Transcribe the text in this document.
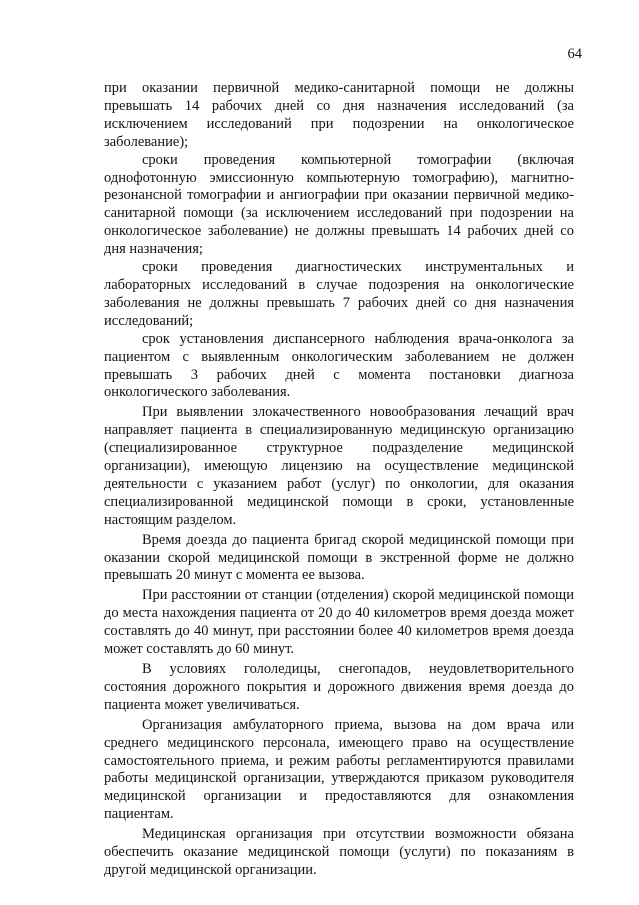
64

при оказании первичной медико-санитарной помощи не должны превышать 14 рабочих дней со дня назначения исследований (за исключением исследований при подозрении на онкологическое заболевание);

сроки проведения компьютерной томографии (включая однофотонную эмиссионную компьютерную томографию), магнитно-резонансной томографии и ангиографии при оказании первичной медико-санитарной помощи (за исключением исследований при подозрении на онкологическое заболевание) не должны превышать 14 рабочих дней со дня назначения;

сроки проведения диагностических инструментальных и лабораторных исследований в случае подозрения на онкологические заболевания не должны превышать 7 рабочих дней со дня назначения исследований;

срок установления диспансерного наблюдения врача-онколога за пациентом с выявленным онкологическим заболеванием не должен превышать 3 рабочих дней с момента постановки диагноза онкологического заболевания.

При выявлении злокачественного новообразования лечащий врач направляет пациента в специализированную медицинскую организацию (специализированное структурное подразделение медицинской организации), имеющую лицензию на осуществление медицинской деятельности с указанием работ (услуг) по онкологии, для оказания специализированной медицинской помощи в сроки, установленные настоящим разделом.

Время доезда до пациента бригад скорой медицинской помощи при оказании скорой медицинской помощи в экстренной форме не должно превышать 20 минут с момента ее вызова.

При расстоянии от станции (отделения) скорой медицинской помощи до места нахождения пациента от 20 до 40 километров время доезда может составлять до 40 минут, при расстоянии более 40 километров время доезда может составлять до 60 минут.

В условиях гололедицы, снегопадов, неудовлетворительного состояния дорожного покрытия и дорожного движения время доезда до пациента может увеличиваться.

Организация амбулаторного приема, вызова на дом врача или среднего медицинского персонала, имеющего право на осуществление самостоятельного приема, и режим работы регламентируются правилами работы медицинской организации, утверждаются приказом руководителя медицинской организации и предоставляются для ознакомления пациентам.

Медицинская организация при отсутствии возможности обязана обеспечить оказание медицинской помощи (услуги) по показаниям в другой медицинской организации.
